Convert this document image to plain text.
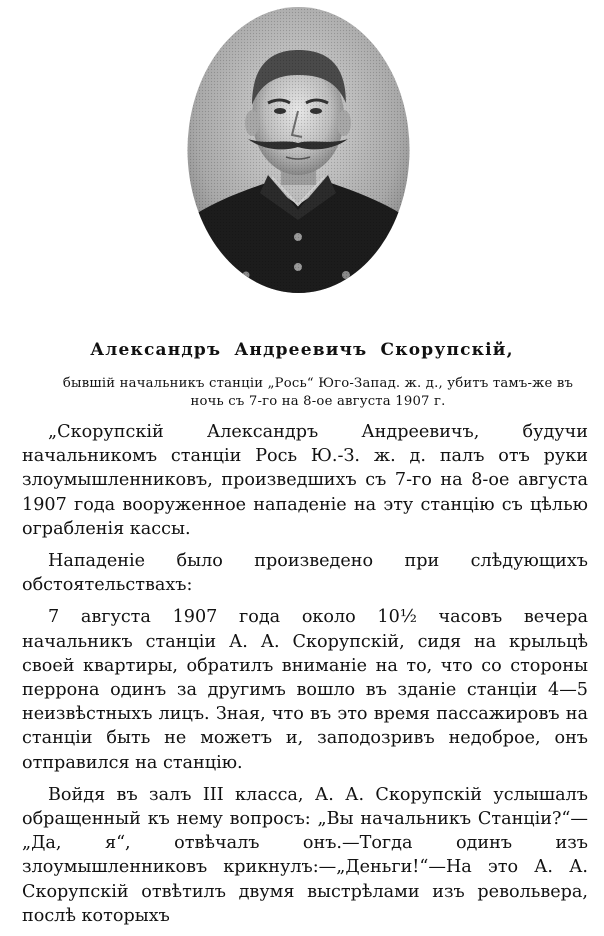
Александръ Андреевичъ Скорупскій,
бывшій начальникъ станціи „Рось“ Юго-Запад. ж. д., убитъ тамъ-же въ
ночь съ 7-го на 8-ое августа 1907 г.

„Скорупскій Александръ Андреевичъ, будучи начальникомъ станціи Рось Ю.-З. ж. д. палъ отъ руки злоумышленниковъ, произведшихъ съ 7-го на 8-ое августа 1907 года вооруженное нападеніе на эту станцію съ цѣлью ограбленія кассы.

Нападеніе было произведено при слѣдующихъ обстоятельствахъ:

7 августа 1907 года около 10½ часовъ вечера начальникъ станціи А. А. Скорупскій, сидя на крыльцѣ своей квартиры, обратилъ вниманіе на то, что со стороны перрона одинъ за другимъ вошло въ зданіе станціи 4—5 неизвѣстныхъ лицъ. Зная, что въ это время пассажировъ на станціи быть не можетъ и, заподозривъ недоброе, онъ отправился на станцію.

Войдя въ залъ III класса, А. А. Скорупскій услышалъ обращенный къ нему вопросъ: „Вы начальникъ Станціи?“— „Да, я“, отвѣчалъ онъ.—Тогда одинъ изъ злоумышленниковъ крикнулъ:—„Деньги!“—На это А. А. Скорупскій отвѣтилъ двумя выстрѣлами изъ револьвера, послѣ которыхъ
